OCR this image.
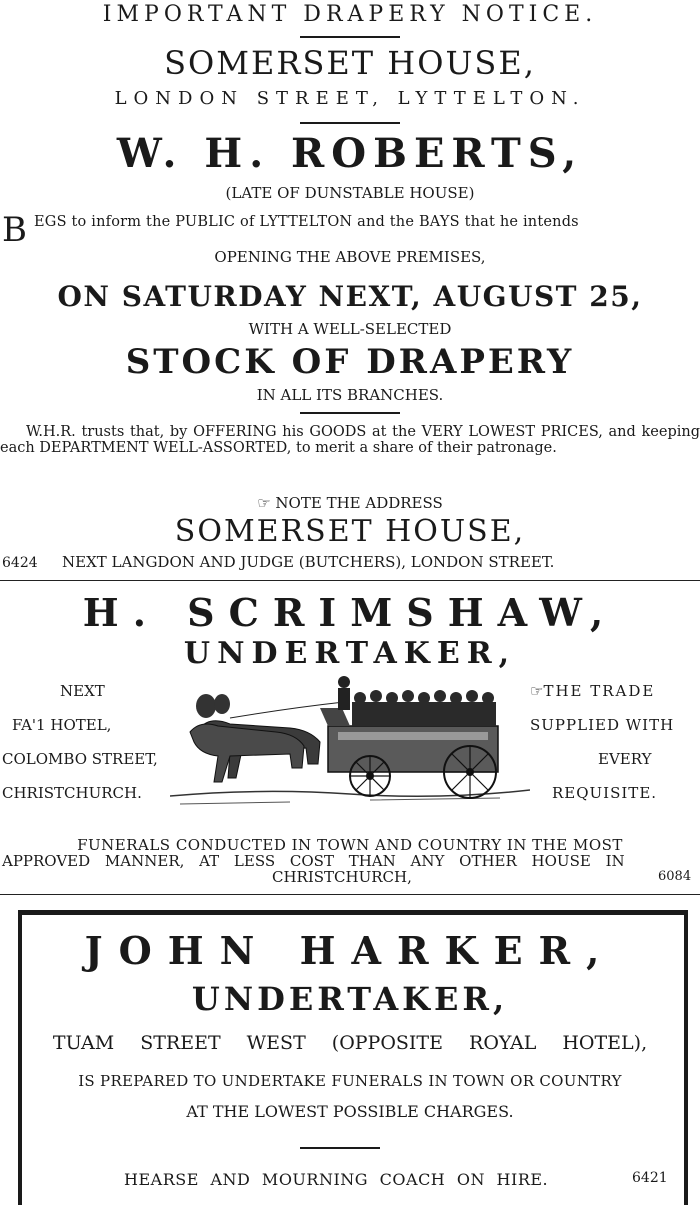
IMPORTANT DRAPERY NOTICE.
SOMERSET HOUSE,
LONDON STREET, LYTTELTON.
W. H. ROBERTS,
(LATE OF DUNSTABLE HOUSE)
B EGS to inform the PUBLIC of LYTTELTON and the BAYS that he intends
OPENING THE ABOVE PREMISES,
ON SATURDAY NEXT, AUGUST 25,
WITH A WELL-SELECTED
STOCK OF DRAPERY
IN ALL ITS BRANCHES.
W.H.R. trusts that, by OFFERING his GOODS at the VERY LOWEST PRICES, and keeping each DEPARTMENT WELL-ASSORTED, to merit a share of their patronage.
☞ NOTE THE ADDRESS
SOMERSET HOUSE,
6424 NEXT LANGDON AND JUDGE (BUTCHERS), LONDON STREET.
H. SCRIMSHAW,
UNDERTAKER,
NEXT
FA'1 HOTEL,
COLOMBO STREET,
CHRISTCHURCH.
☞THE TRADE
SUPPLIED WITH
EVERY
REQUISITE.
FUNERALS CONDUCTED IN TOWN AND COUNTRY IN THE MOST
APPROVED MANNER, AT LESS COST THAN ANY OTHER HOUSE IN
CHRISTCHURCH,	6084
JOHN HARKER,
UNDERTAKER,
TUAM STREET WEST (OPPOSITE ROYAL HOTEL),
IS PREPARED TO UNDERTAKE FUNERALS IN TOWN OR COUNTRY
AT THE LOWEST POSSIBLE CHARGES.
HEARSE AND MOURNING COACH ON HIRE.	6421
